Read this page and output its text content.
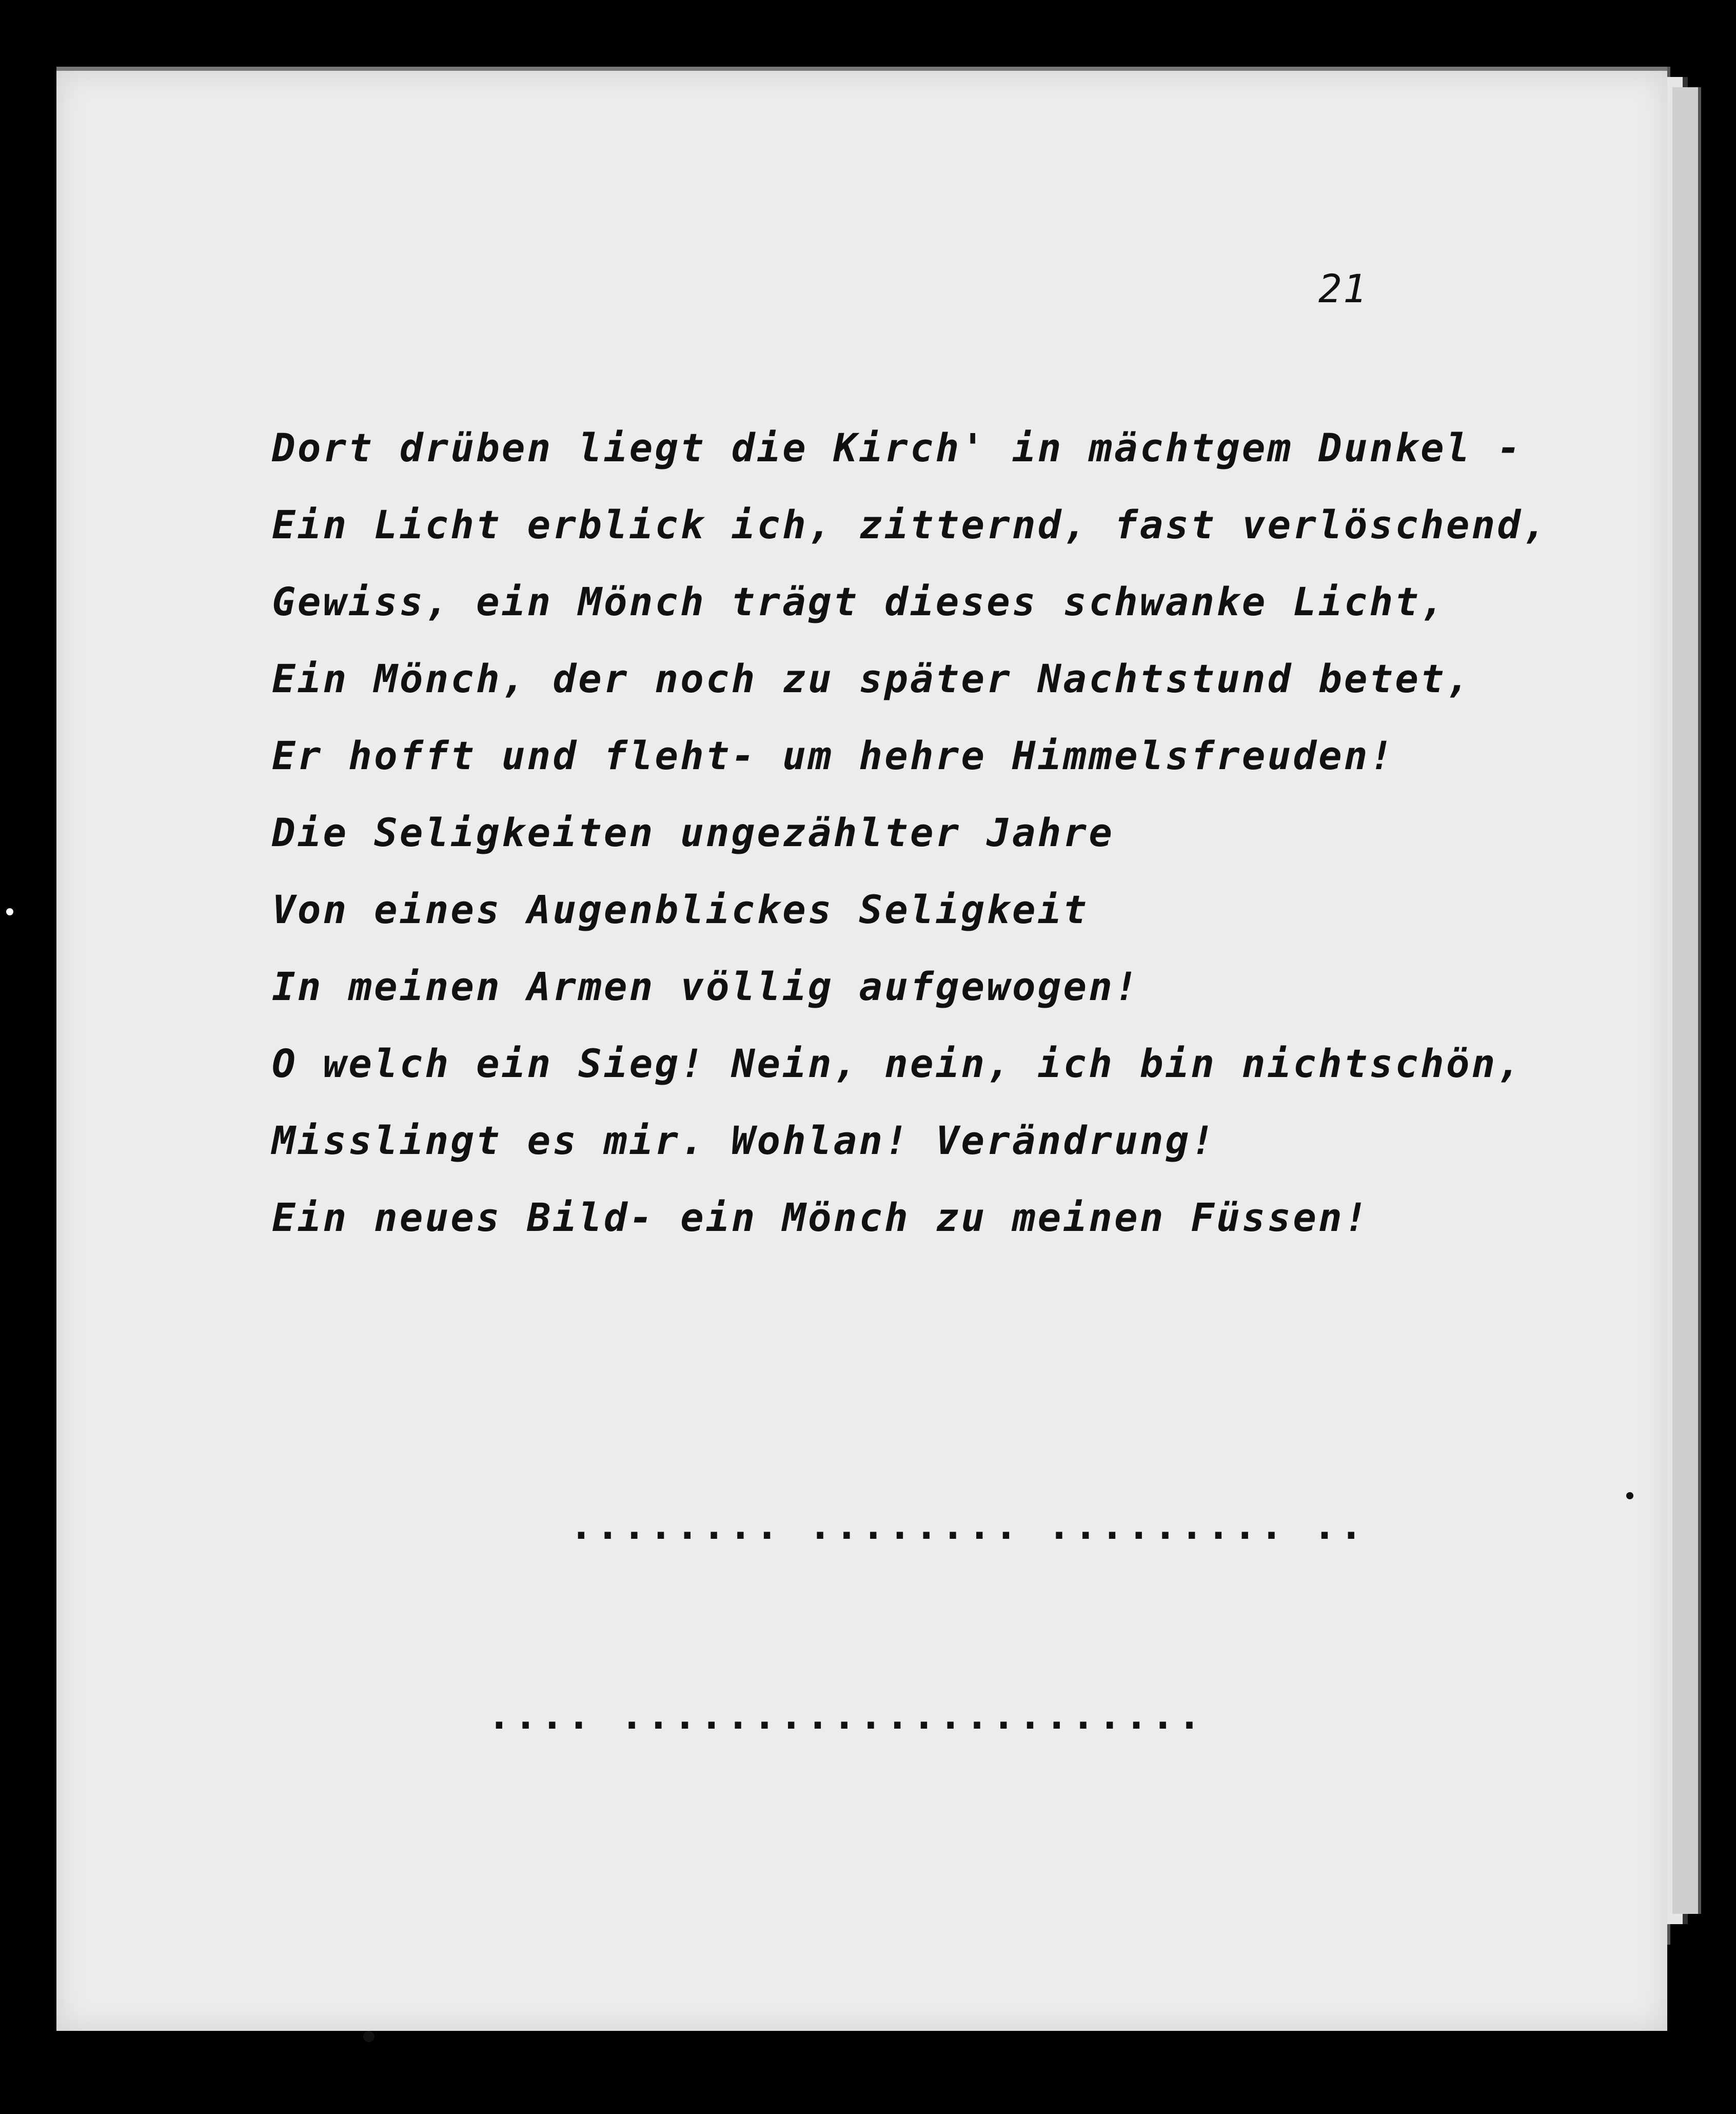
21
Dort drüben liegt die Kirch' in mächtgem Dunkel -
Ein Licht erblick ich, zitternd, fast verlöschend,
Gewiss, ein Mönch trägt dieses schwanke Licht,
Ein Mönch, der noch zu später Nachtstund betet,
Er hofft und fleht- um hehre Himmelsfreuden!
Die Seligkeiten ungezählter Jahre
Von eines Augenblickes Seligkeit
In meinen Armen völlig aufgewogen!
O welch ein Sieg! Nein, nein, ich bin nichtschön,
Misslingt es mir. Wohlan! Verändrung!
Ein neues Bild- ein Mönch zu meinen Füssen!
........ ........ ......... ..
.... ......................
